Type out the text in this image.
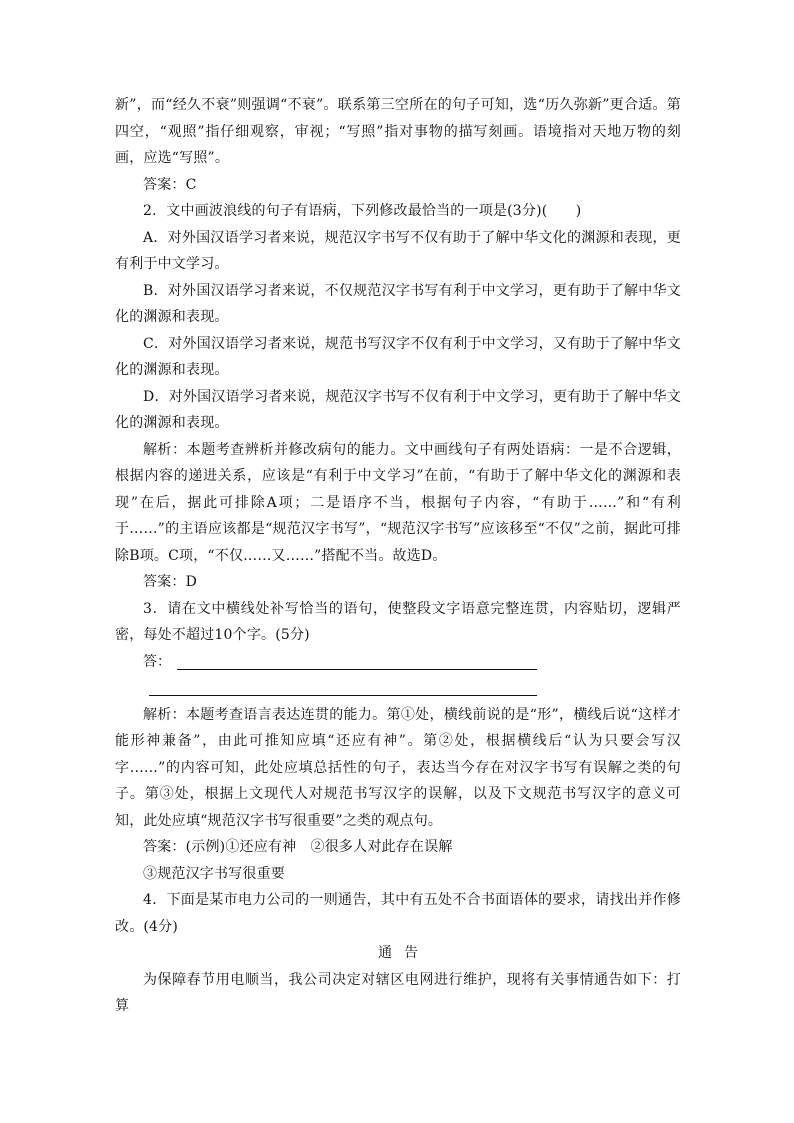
新”，而“经久不衰”则强调“不衰”。联系第三空所在的句子可知，选“历久弥新”更合适。第四空，“观照”指仔细观察，审视；“写照”指对事物的描写刻画。语境指对天地万物的刻画，应选“写照”。

答案：C

2．文中画波浪线的句子有语病，下列修改最恰当的一项是(3分)(　　)

A．对外国汉语学习者来说，规范汉字书写不仅有助于了解中华文化的渊源和表现，更有利于中文学习。

B．对外国汉语学习者来说，不仅规范汉字书写有利于中文学习，更有助于了解中华文化的渊源和表现。

C．对外国汉语学习者来说，规范书写汉字不仅有利于中文学习，又有助于了解中华文化的渊源和表现。

D．对外国汉语学习者来说，规范汉字书写不仅有利于中文学习，更有助于了解中华文化的渊源和表现。

解析：本题考查辨析并修改病句的能力。文中画线句子有两处语病：一是不合逻辑，根据内容的递进关系，应该是“有利于中文学习”在前，“有助于了解中华文化的渊源和表现”在后，据此可排除A项；二是语序不当，根据句子内容，“有助于……”和“有利于……”的主语应该都是“规范汉字书写”，“规范汉字书写”应该移至“不仅”之前，据此可排除B项。C项，“不仅……又……”搭配不当。故选D。

答案：D

3．请在文中横线处补写恰当的语句，使整段文字语意完整连贯，内容贴切，逻辑严密，每处不超过10个字。(5分)

答：

解析：本题考查语言表达连贯的能力。第①处，横线前说的是“形”，横线后说“这样才能形神兼备”，由此可推知应填“还应有神”。第②处，根据横线后“认为只要会写汉字……”的内容可知，此处应填总括性的句子，表达当今存在对汉字书写有误解之类的句子。第③处，根据上文现代人对规范书写汉字的误解，以及下文规范书写汉字的意义可知，此处应填“规范汉字书写很重要”之类的观点句。

答案：(示例)①还应有神　②很多人对此存在误解

③规范汉字书写很重要

4．下面是某市电力公司的一则通告，其中有五处不合书面语体的要求，请找出并作修改。(4分)

通告

为保障春节用电顺当，我公司决定对辖区电网进行维护，现将有关事情通告如下：打算
